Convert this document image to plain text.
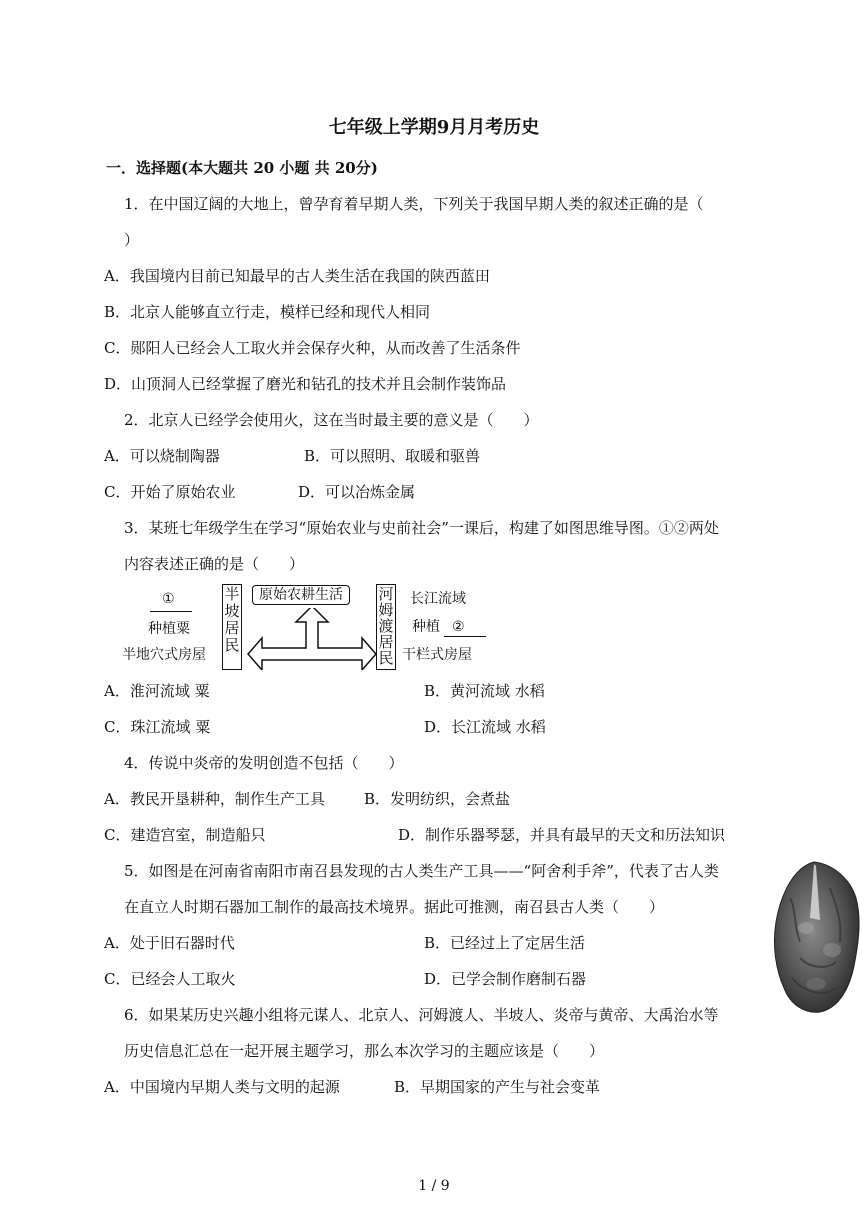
七年级上学期9月月考历史
一．选择题(本大题共 20 小题 共 20分)
1．在中国辽阔的大地上，曾孕育着早期人类，下列关于我国早期人类的叙述正确的是（
）
A．我国境内目前已知最早的古人类生活在我国的陕西蓝田
B．北京人能够直立行走，模样已经和现代人相同
C．郧阳人已经会人工取火并会保存火种，从而改善了生活条件
D．山顶洞人已经掌握了磨光和钻孔的技术并且会制作装饰品
2．北京人已经学会使用火，这在当时最主要的意义是（　　）
A．可以烧制陶器	B．可以照明、取暖和驱兽
C．开始了原始农业	D．可以冶炼金属
3．某班七年级学生在学习“原始农业与史前社会”一课后，构建了如图思维导图。①②两处
内容表述正确的是（　　）
①
种植粟
半地穴式房屋
半
坡
居
民
原始农耕生活	河
姆
渡
居
民
长江流域
种植 ②
干栏式房屋
A．淮河流域 粟	B．黄河流域 水稻
C．珠江流域 粟	D．长江流域 水稻
4．传说中炎帝的发明创造不包括（　　）
A．教民开垦耕种，制作生产工具	B．发明纺织，会煮盐
C．建造宫室，制造船只	D．制作乐器琴瑟，并具有最早的天文和历法知识
5．如图是在河南省南阳市南召县发现的古人类生产工具——“阿舍利手斧”，代表了古人类
在直立人时期石器加工制作的最高技术境界。据此可推测，南召县古人类（　　）
A．处于旧石器时代	B．已经过上了定居生活
C．已经会人工取火	D．已学会制作磨制石器
6．如果某历史兴趣小组将元谋人、北京人、河姆渡人、半坡人、炎帝与黄帝、大禹治水等
历史信息汇总在一起开展主题学习，那么本次学习的主题应该是（　　）
A．中国境内早期人类与文明的起源	B．早期国家的产生与社会变革
1 / 9
